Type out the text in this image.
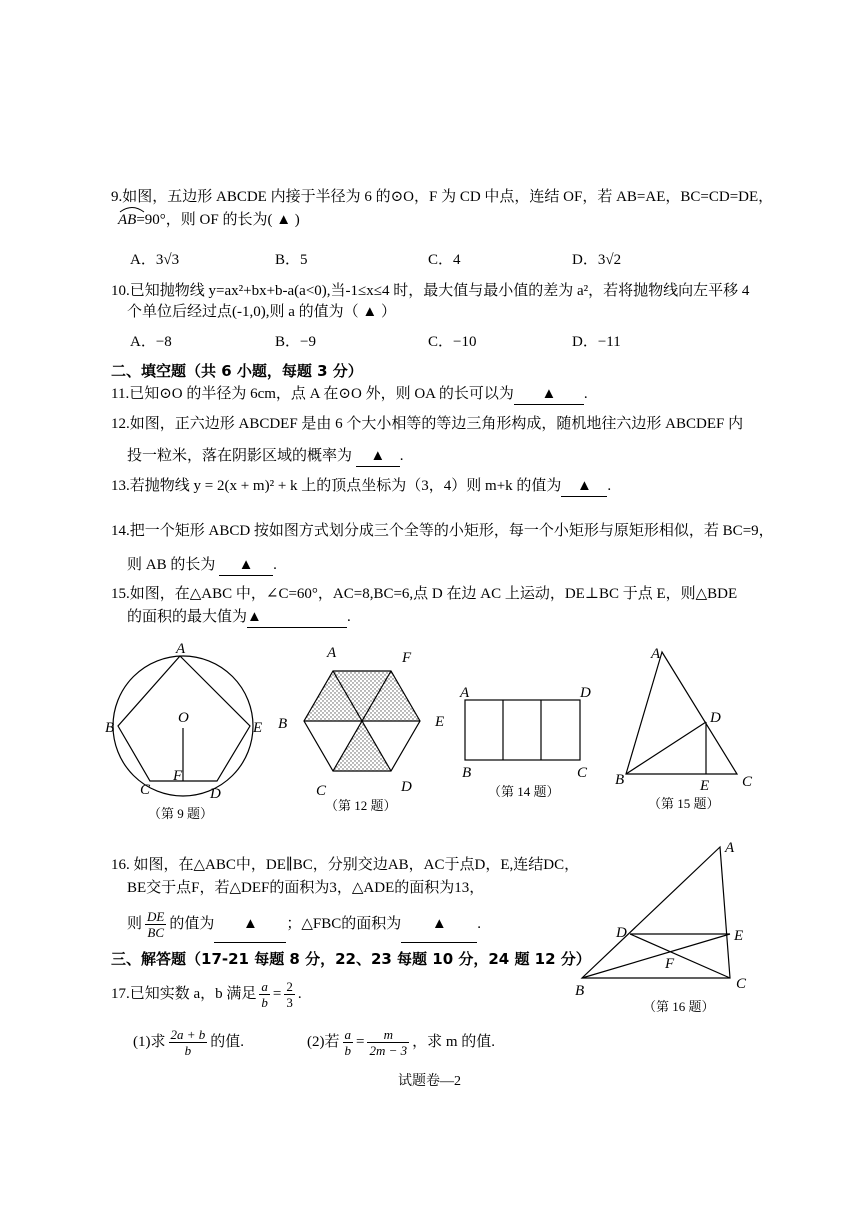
9.如图，五边形 ABCDE 内接于半径为 6 的⊙O，F 为 CD 中点，连结 OF，若 AB=AE，BC=CD=DE，
AB=90°，则 OF 的长为( ▲ )
A．3√3	B．5	C．4	D．3√2
10.已知抛物线 y=ax²+bx+b-a(a<0),当-1≤x≤4 时，最大值与最小值的差为 a²，若将抛物线向左平移 4
个单位后经过点(-1,0),则 a 的值为（ ▲ ）
A．−8	B．−9	C．−10	D．−11
二、填空题（共 6 小题，每题 3 分）
11.已知⊙O 的半径为 6cm，点 A 在⊙O 外，则 OA 的长可以为 ▲ .
12.如图，正六边形 ABCDEF 是由 6 个大小相等的等边三角形构成，随机地往六边形 ABCDEF 内
投一粒米，落在阴影区域的概率为 ▲ .
13.若抛物线 y = 2(x + m)² + k 上的顶点坐标为（3，4）则 m+k 的值为 ▲ .
14.把一个矩形 ABCD 按如图方式划分成三个全等的小矩形，每一个小矩形与原矩形相似，若 BC=9，
则 AB 的长为 ▲ .
15.如图，在△ABC 中，∠C=60°，AC=8,BC=6,点 D 在边 AC 上运动，DE⊥BC 于点 E，则△BDE
的面积的最大值为▲	.
A
B	E
O
C
F
D
A	F
B	E
C	D
A	D
B	C
A
D
B	E C
（第 9 题）
（第 12 题）
（第 14 题）
（第 15 题）
16. 如图，在△ABC中，DE∥BC，分别交边AB，AC于点D，E,连结DC，
BE交于点F，若△DEF的面积为3，△ADE的面积为13，
则 $\frac{DE}{BC}$ 的值为 ▲ ；△FBC的面积为 ▲ .
A
D	E
F
B	C
（第 16 题）
三、解答题（17-21 每题 8 分，22、23 每题 10 分，24 题 12 分）
17.已知实数 a，b 满足 $\frac{a}{b} = \frac{2}{3}$ .
(1)求 $\frac{2a + b}{b}$ 的值.	(2)若 $\frac{a}{b} = \frac{m}{2m - 3}$ ，求 m 的值.
试题卷—2
